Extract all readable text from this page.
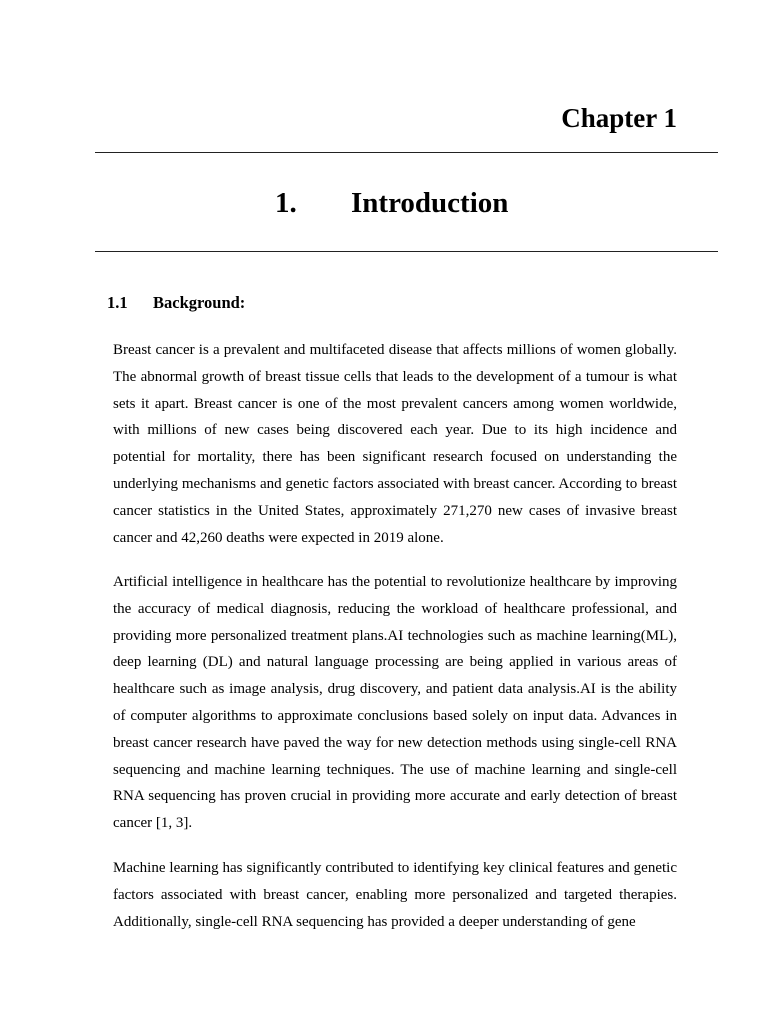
Chapter 1
1. Introduction
1.1 Background:

Breast cancer is a prevalent and multifaceted disease that affects millions of women globally. The abnormal growth of breast tissue cells that leads to the development of a tumour is what sets it apart. Breast cancer is one of the most prevalent cancers among women worldwide, with millions of new cases being discovered each year. Due to its high incidence and potential for mortality, there has been significant research focused on understanding the underlying mechanisms and genetic factors associated with breast cancer. According to breast cancer statistics in the United States, approximately 271,270 new cases of invasive breast cancer and 42,260 deaths were expected in 2019 alone.

Artificial intelligence in healthcare has the potential to revolutionize healthcare by improving the accuracy of medical diagnosis, reducing the workload of healthcare professional, and providing more personalized treatment plans.AI technologies such as machine learning(ML), deep learning (DL) and natural language processing are being applied in various areas of healthcare such as image analysis, drug discovery, and patient data analysis.AI is the ability of computer algorithms to approximate conclusions based solely on input data. Advances in breast cancer research have paved the way for new detection methods using single-cell RNA sequencing and machine learning techniques. The use of machine learning and single-cell RNA sequencing has proven crucial in providing more accurate and early detection of breast cancer [1, 3].

Machine learning has significantly contributed to identifying key clinical features and genetic factors associated with breast cancer, enabling more personalized and targeted therapies. Additionally, single-cell RNA sequencing has provided a deeper understanding of gene
